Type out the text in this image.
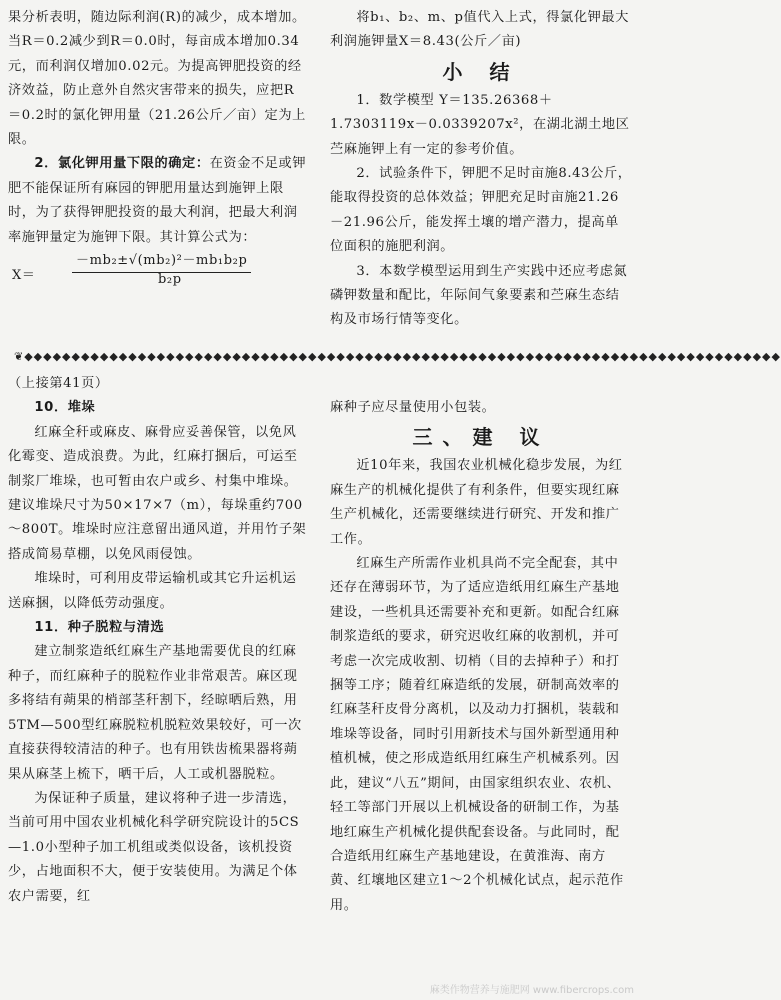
果分析表明，随边际利润(R)的减少，成本增加。当R＝0.2减少到R＝0.0时，每亩成本增加0.34元，而利润仅增加0.02元。为提高钾肥投资的经济效益，防止意外自然灾害带来的损失，应把R＝0.2时的氯化钾用量（21.26公斤／亩）定为上限。

2．氯化钾用量下限的确定：在资金不足或钾肥不能保证所有麻园的钾肥用量达到施钾上限时，为了获得钾肥投资的最大利润，把最大利润率施钾量定为施钾下限。其计算公式为：

X＝
－mb₂±√(mb₂)²－mb₁b₂p
b₂p

将b₁、b₂、m、p值代入上式，得氯化钾最大利润施钾量X＝8.43(公斤／亩)

小 结

1．数学模型 Y＝135.26368＋1.7303119x－0.0339207x²，在湖北湖土地区苎麻施钾上有一定的参考价值。

2．试验条件下，钾肥不足时亩施8.43公斤，能取得投资的总体效益；钾肥充足时亩施21.26－21.96公斤，能发挥土壤的增产潜力，提高单位面积的施肥利润。

3．本数学模型运用到生产实践中还应考虑氮磷钾数量和配比，年际间气象要素和苎麻生态结构及市场行情等变化。

❦◆◆◆◆◆◆◆◆◆◆◆◆◆◆◆◆◆◆◆◆◆◆◆◆◆◆◆◆◆◆◆◆◆◆◆◆◆◆◆◆◆◆◆◆◆◆◆◆◆◆◆◆◆◆◆◆◆◆◆◆◆◆◆◆◆◆◆◆◆◆◆◆◆◆◆◆◆◆◆◆

（上接第41页）

10．堆垛

红麻全秆或麻皮、麻骨应妥善保管，以免风化霉变、造成浪费。为此，红麻打捆后，可运至制浆厂堆垛，也可暂由农户或乡、村集中堆垛。建议堆垛尺寸为50×17×7（m），每垛重约700～800T。堆垛时应注意留出通风道，并用竹子架搭成简易草棚，以免风雨侵蚀。

堆垛时，可利用皮带运输机或其它升运机运送麻捆，以降低劳动强度。

11．种子脱粒与清选

建立制浆造纸红麻生产基地需要优良的红麻种子，而红麻种子的脱粒作业非常艰苦。麻区现多将结有蒴果的梢部茎秆割下，经晾晒后熟，用5TM—500型红麻脱粒机脱粒效果较好，可一次直接获得较清洁的种子。也有用铁齿梳果器将蒴果从麻茎上梳下，晒干后，人工或机器脱粒。

为保证种子质量，建议将种子进一步清选，当前可用中国农业机械化科学研究院设计的5CS—1.0小型种子加工机组或类似设备，该机投资少，占地面积不大，便于安装使用。为满足个体农户需要，红

麻种子应尽量使用小包装。

三、建 议

近10年来，我国农业机械化稳步发展，为红麻生产的机械化提供了有利条件，但要实现红麻生产机械化，还需要继续进行研究、开发和推广工作。

红麻生产所需作业机具尚不完全配套，其中还存在薄弱环节，为了适应造纸用红麻生产基地建设，一些机具还需要补充和更新。如配合红麻制浆造纸的要求，研究迟收红麻的收割机，并可考虑一次完成收割、切梢（目的去掉种子）和打捆等工序；随着红麻造纸的发展，研制高效率的红麻茎秆皮骨分离机，以及动力打捆机，装载和堆垛等设备，同时引用新技术与国外新型通用种植机械，使之形成造纸用红麻生产机械系列。因此，建议“八五”期间，由国家组织农业、农机、轻工等部门开展以上机械设备的研制工作，为基地红麻生产机械化提供配套设备。与此同时，配合造纸用红麻生产基地建设，在黄淮海、南方黄、红壤地区建立1～2个机械化试点，起示范作用。

麻类作物营养与施肥网 www.fibercrops.com
